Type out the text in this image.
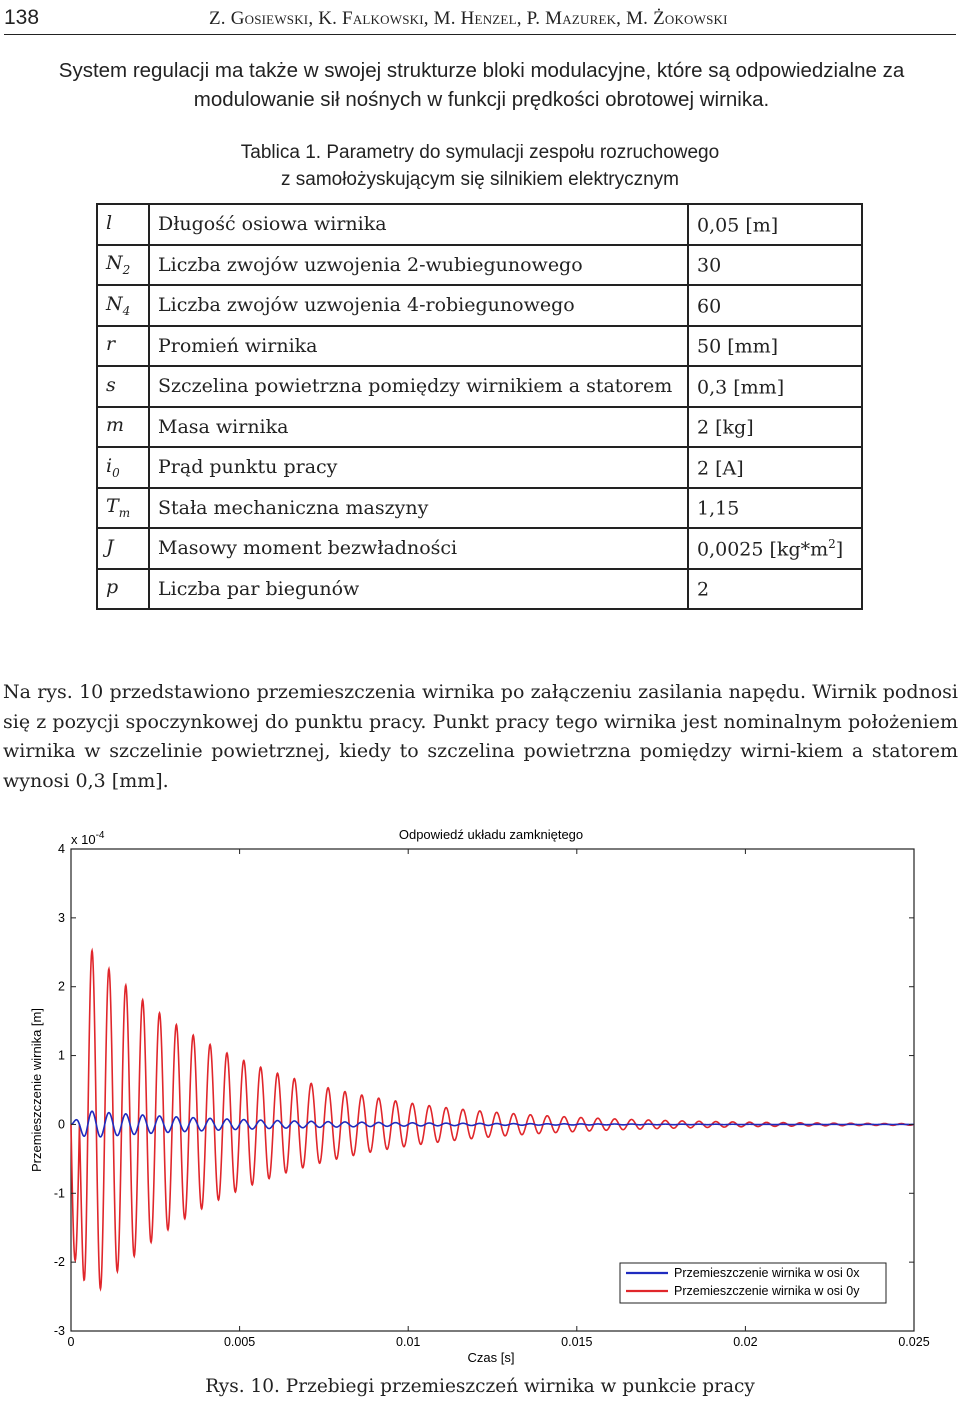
138	Z. Gosiewski, K. Falkowski, M. Henzel, P. Mazurek, M. Żokowski
System regulacji ma także w swojej strukturze bloki modulacyjne, które są odpowiedzialne za modulowanie sił nośnych w funkcji prędkości obrotowej wirnika.
Tablica 1. Parametry do symulacji zespołu rozruchowego
z samołożyskującym się silnikiem elektrycznym
l	Długość osiowa wirnika	0,05 [m]
$N_2$	Liczba zwojów uzwojenia 2-wubiegunowego	30
$N_4$	Liczba zwojów uzwojenia 4-robiegunowego	60
r	Promień wirnika	50 [mm]
s	Szczelina powietrzna pomiędzy wirnikiem a statorem	0,3 [mm]
m	Masa wirnika	2 [kg]
$i_0$	Prąd punktu pracy	2 [A]
$T_m$	Stała mechaniczna maszyny	1,15
J	Masowy moment bezwładności	0,0025 $[kg*m^2]$
p	Liczba par biegunów	2
Na rys. 10 przedstawiono przemieszczenia wirnika po załączeniu zasilania napędu. Wirnik podnosi się z pozycji spoczynkowej do punktu pracy. Punkt pracy tego wirnika jest nominalnym położeniem wirnika w szczelinie powietrznej, kiedy to szczelina powietrzna pomiędzy wirni-kiem a statorem wynosi 0,3 [mm].
0	0.005	0.01	0.015	0.02	0.025
4
3
2
1
0
-1
-2
-3
Odpowiedź układu zamkniętego
x $10^{-4}$
Czas [s]
Przemieszczenie wirnika [m]
Przemieszczenie wirnika w osi 0x
Przemieszczenie wirnika w osi 0y
Rys. 10. Przebiegi przemieszczeń wirnika w punkcie pracy
